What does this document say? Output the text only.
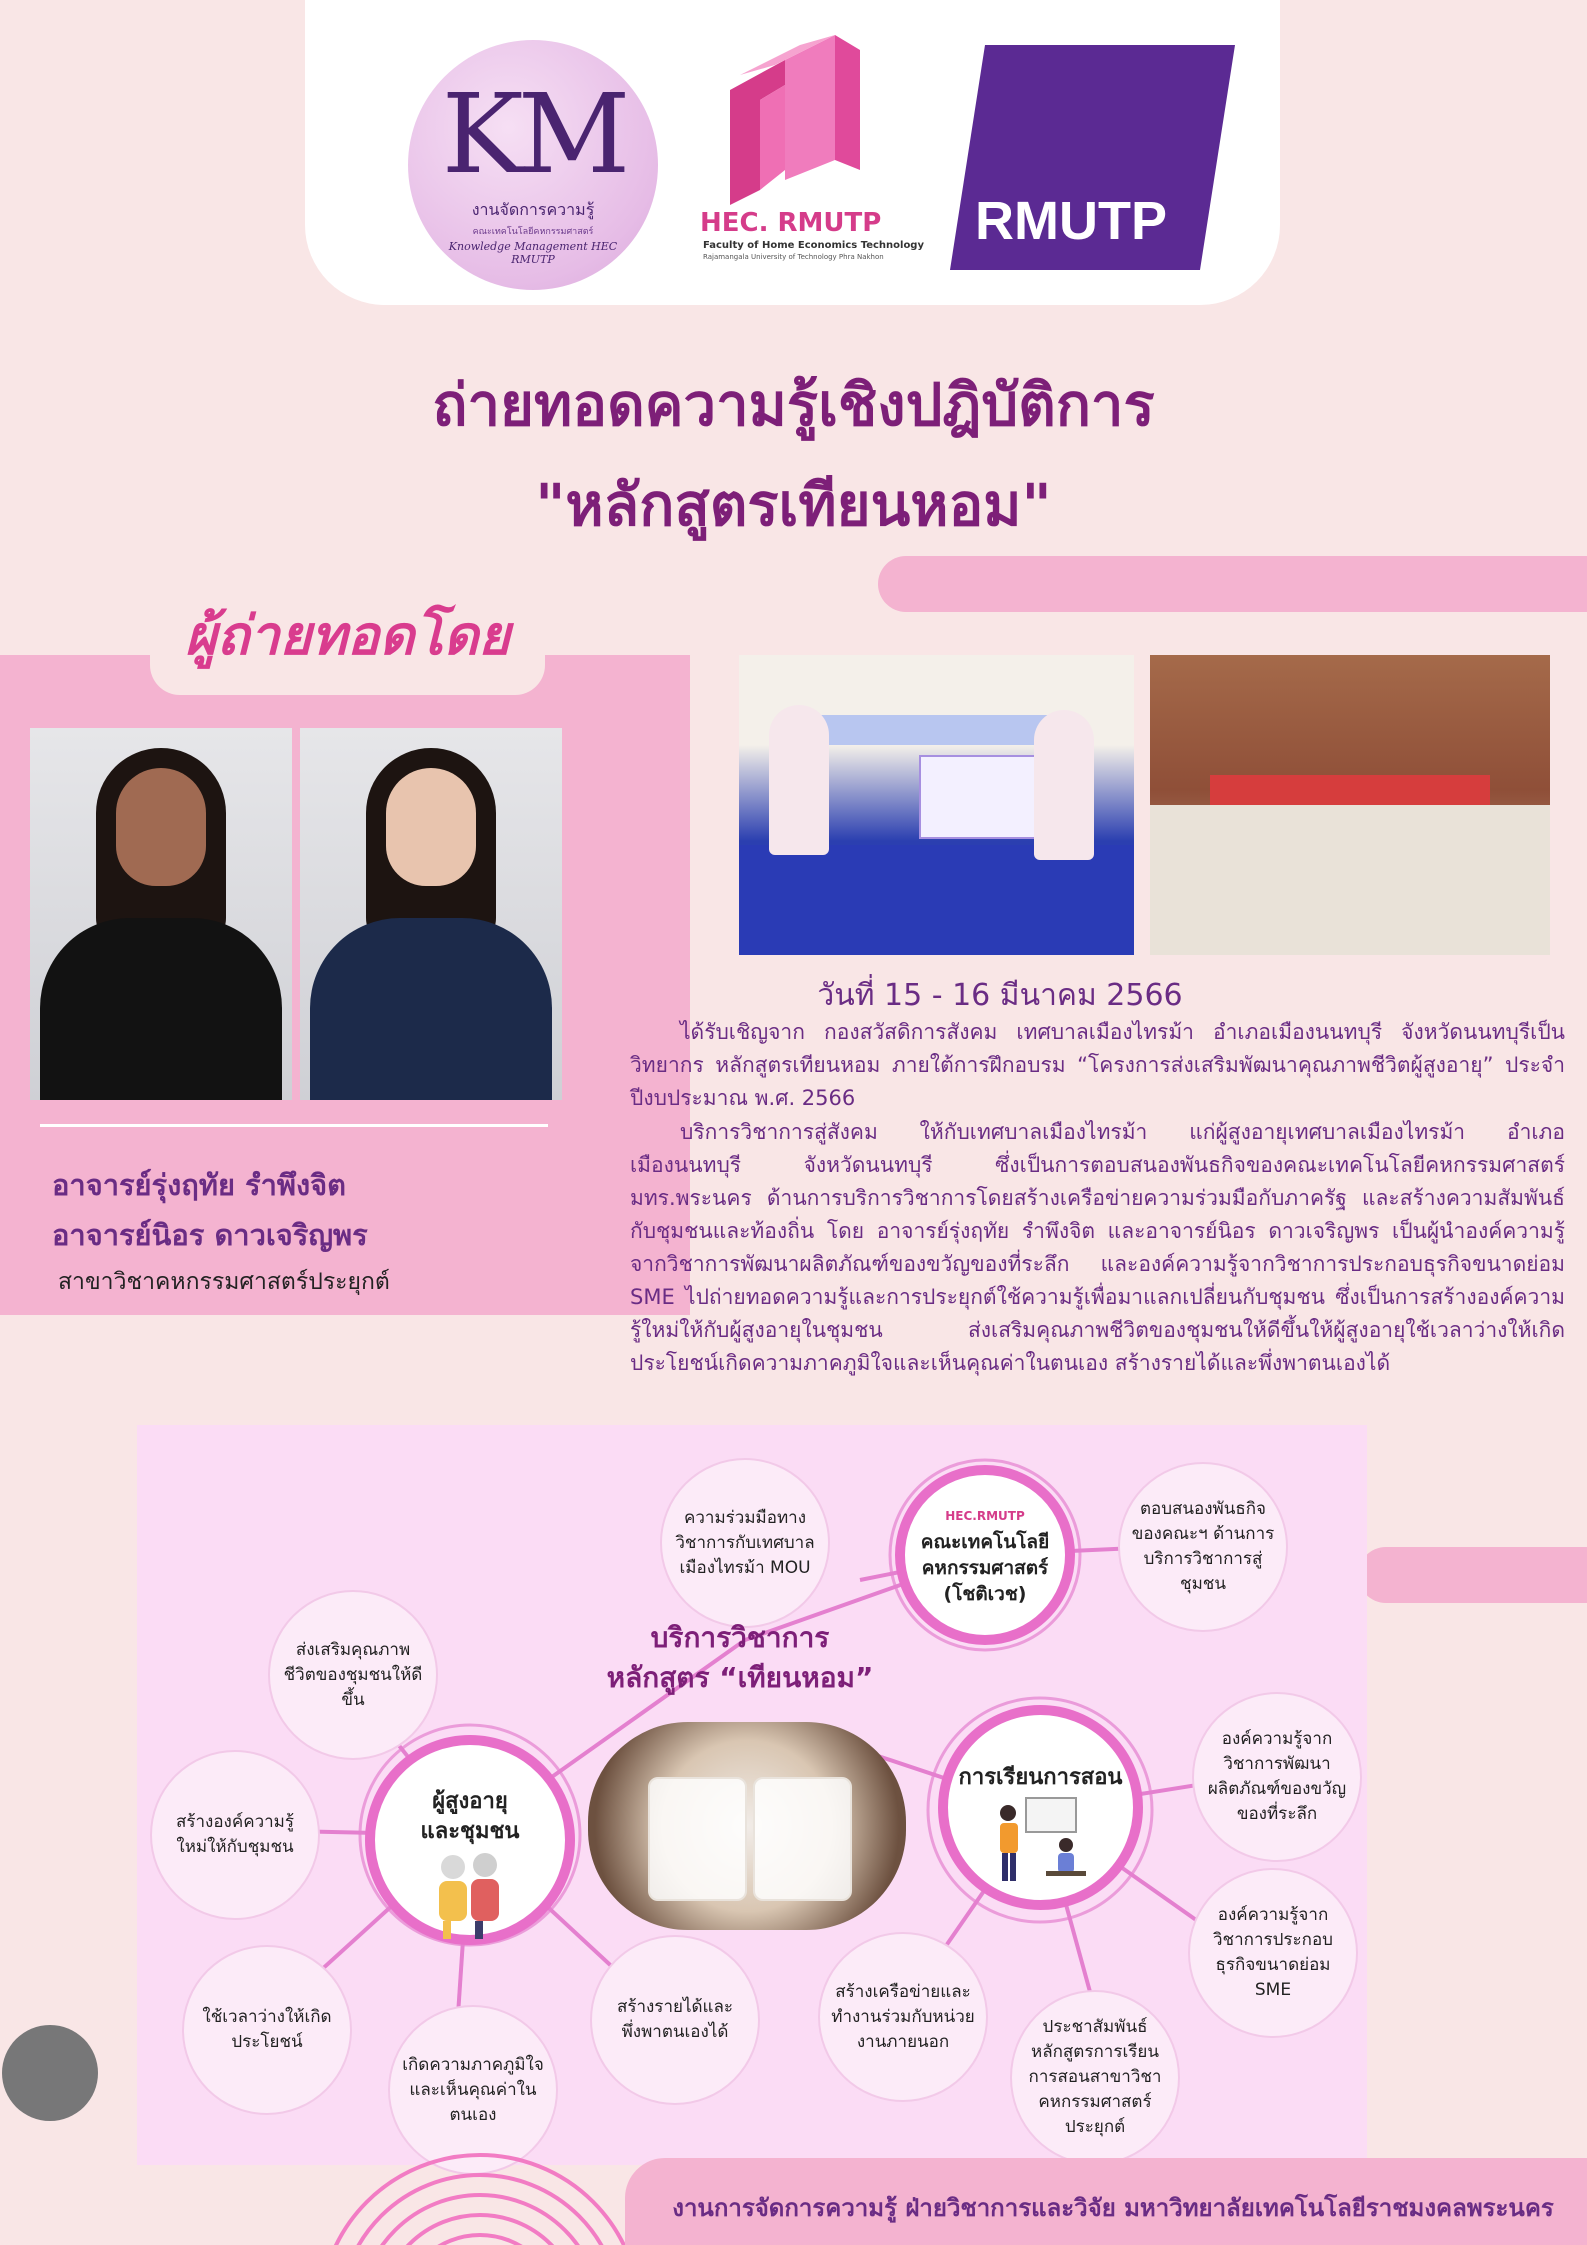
KM
งานจัดการความรู้
คณะเทคโนโลยีคหกรรมศาสตร์
Knowledge Management HEC RMUTP
HEC. RMUTP
Faculty of Home Economics Technology
Rajamangala University of Technology Phra Nakhon
RMUTP
ถ่ายทอดความรู้เชิงปฎิบัติการ
"หลักสูตรเทียนหอม"
ผู้ถ่ายทอดโดย
อาจารย์รุ่งฤทัย รำพึงจิต
อาจารย์นิอร ดาวเจริญพร
สาขาวิชาคหกรรมศาสตร์ประยุกต์
วันที่ 15 - 16 มีนาคม 2566
ได้รับเชิญจาก กองสวัสดิการสังคม เทศบาลเมืองไทรม้า อำเภอเมืองนนทบุรี จังหวัดนนทบุรีเป็นวิทยากร หลักสูตรเทียนหอม ภายใต้การฝึกอบรม “โครงการส่งเสริมพัฒนาคุณภาพชีวิตผู้สูงอายุ” ประจำปีงบประมาณ พ.ศ. 2566
บริการวิชาการสู่สังคม ให้กับเทศบาลเมืองไทรม้า แก่ผู้สูงอายุเทศบาลเมืองไทรม้า อำเภอเมืองนนทบุรี จังหวัดนนทบุรี ซึ่งเป็นการตอบสนองพันธกิจของคณะเทคโนโลยีคหกรรมศาสตร์ มทร.พระนคร ด้านการบริการวิชาการโดยสร้างเครือข่ายความร่วมมือกับภาครัฐ และสร้างความสัมพันธ์กับชุมชนและท้องถิ่น โดย อาจารย์รุ่งฤทัย รำพึงจิต และอาจารย์นิอร ดาวเจริญพร เป็นผู้นำองค์ความรู้จากวิชาการพัฒนาผลิตภัณฑ์ของขวัญของที่ระลึก และองค์ความรู้จากวิชาการประกอบธุรกิจขนาดย่อม SME ไปถ่ายทอดความรู้และการประยุกต์ใช้ความรู้เพื่อมาแลกเปลี่ยนกับชุมชน ซึ่งเป็นการสร้างองค์ความรู้ใหม่ให้กับผู้สูงอายุในชุมชน ส่งเสริมคุณภาพชีวิตของชุมชนให้ดีขึ้นให้ผู้สูงอายุใช้เวลาว่างให้เกิดประโยชน์เกิดความภาคภูมิใจและเห็นคุณค่าในตนเอง สร้างรายได้และพึ่งพาตนเองได้
ความร่วมมือทางวิชาการกับเทศบาลเมืองไทรม้า MOU
ตอบสนองพันธกิจของคณะฯ ด้านการบริการวิชาการสู่ชุมชน
องค์ความรู้จากวิชาการพัฒนาผลิตภัณฑ์ของขวัญของที่ระลึก
องค์ความรู้จากวิชาการประกอบธุรกิจขนาดย่อม SME
ประชาสัมพันธ์หลักสูตรการเรียนการสอนสาขาวิชาคหกรรมศาสตร์ประยุกต์
สร้างเครือข่ายและทำงานร่วมกับหน่วยงานภายนอก
สร้างรายได้และพึ่งพาตนเองได้
เกิดความภาคภูมิใจและเห็นคุณค่าในตนเอง
ใช้เวลาว่างให้เกิดประโยชน์
สร้างองค์ความรู้ใหม่ให้กับชุมชน
ส่งเสริมคุณภาพชีวิตของชุมชนให้ดีขึ้น
HEC.RMUTP
คณะเทคโนโลยี
คหกรรมศาสตร์
(โชติเวช)
ผู้สูงอายุ
และชุมชน
การเรียนการสอน
บริการวิชาการ
หลักสูตร “เทียนหอม”
งานการจัดการความรู้ ฝ่ายวิชาการและวิจัย มหาวิทยาลัยเทคโนโลยีราชมงคลพระนคร
